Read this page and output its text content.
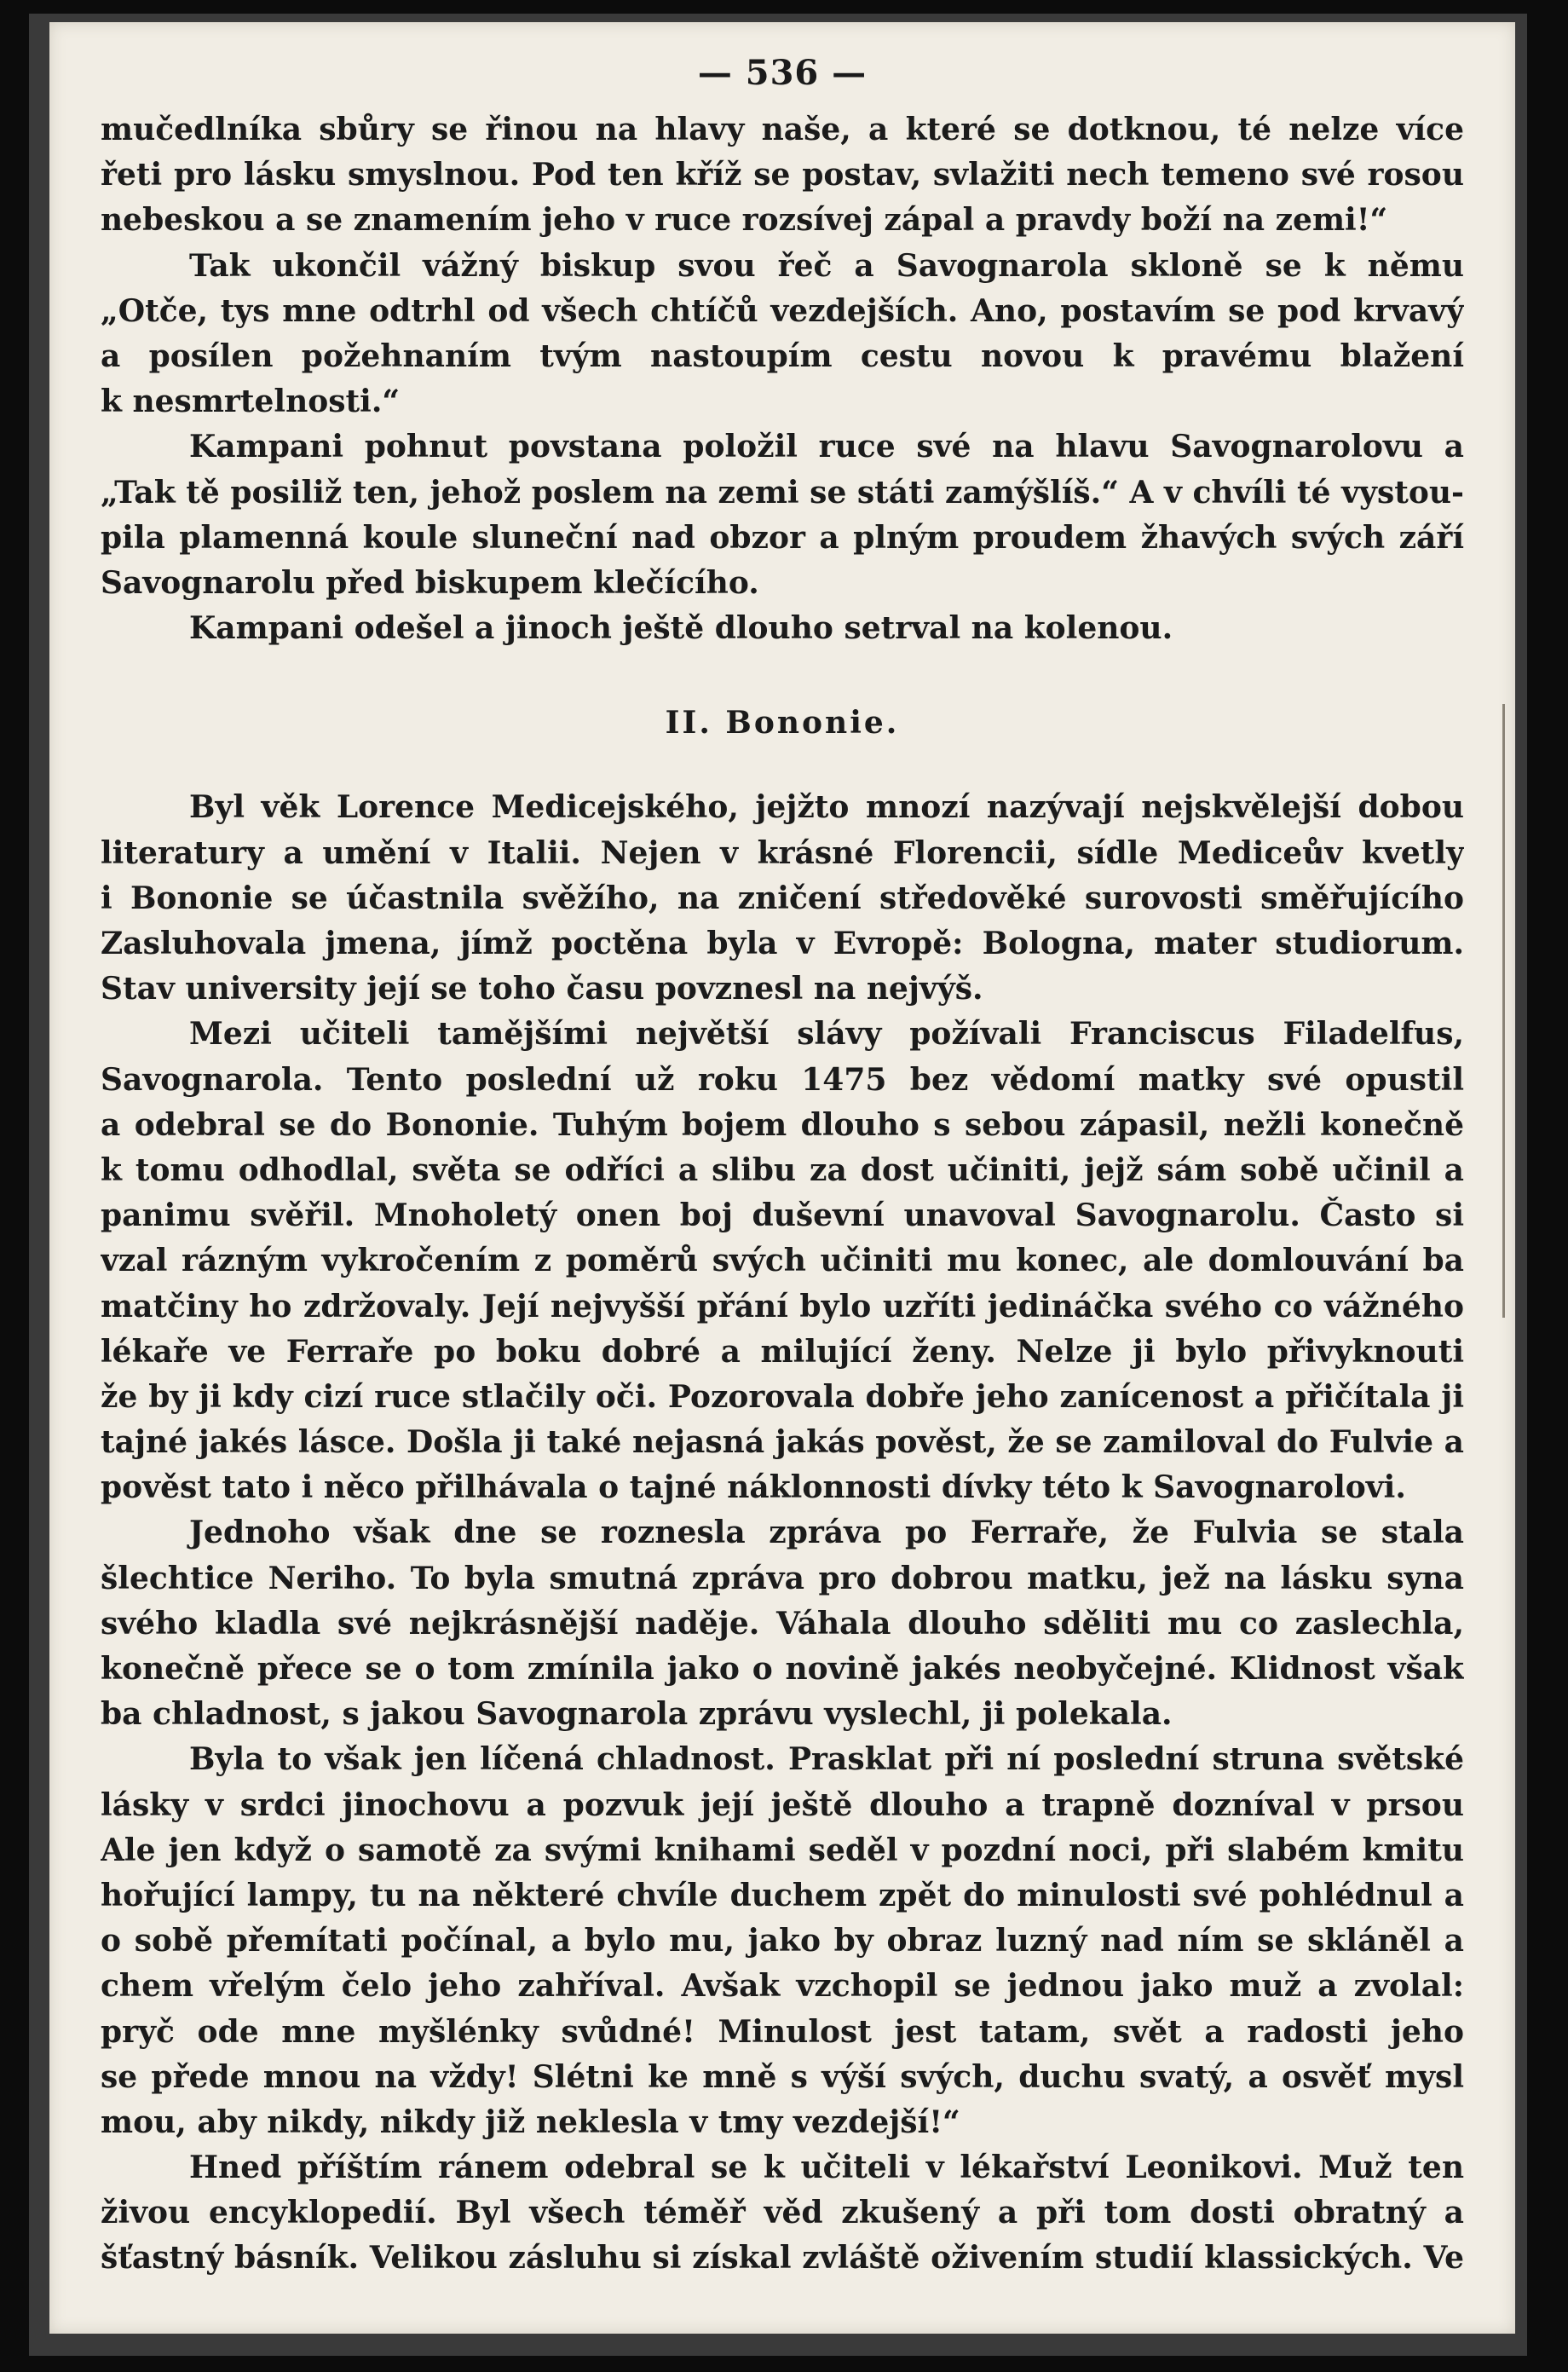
— 536 —
mučedlníka sbůry se řinou na hlavy naše, a které se dotknou, té nelze více
řeti pro lásku smyslnou. Pod ten kříž se postav, svlažiti nech temeno své rosou
nebeskou a se znamením jeho v ruce rozsívej zápal a pravdy boží na zemi!“
Tak ukončil vážný biskup svou řeč a Savognarola skloně se k němu
„Otče, tys mne odtrhl od všech chtíčů vezdejších. Ano, postavím se pod krvavý
a posílen požehnaním tvým nastoupím cestu novou k pravému blažení
k nesmrtelnosti.“
Kampani pohnut povstana položil ruce své na hlavu Savognarolovu a
„Tak tě posiliž ten, jehož poslem na zemi se státi zamýšlíš.“ A v chvíli té vystou-
pila plamenná koule sluneční nad obzor a plným proudem žhavých svých září
Savognarolu před biskupem klečícího.
Kampani odešel a jinoch ještě dlouho setrval na kolenou.
II. Bononie.
Byl věk Lorence Medicejského, jejžto mnozí nazývají nejskvělejší dobou
literatury a umění v Italii. Nejen v krásné Florencii, sídle Mediceův kvetly
i Bononie se účastnila svěžího, na zničení středověké surovosti směřujícího
Zasluhovala jmena, jímž poctěna byla v Evropě: Bologna, mater studiorum.
Stav university její se toho času povznesl na nejvýš.
Mezi učiteli tamějšími největší slávy požívali Franciscus Filadelfus,
Savognarola. Tento poslední už roku 1475 bez vědomí matky své opustil
a odebral se do Bononie. Tuhým bojem dlouho s sebou zápasil, nežli konečně
k tomu odhodlal, světa se odříci a slibu za dost učiniti, jejž sám sobě učinil a
panimu svěřil. Mnoholetý onen boj duševní unavoval Savognarolu. Často si
vzal rázným vykročením z poměrů svých učiniti mu konec, ale domlouvání ba
matčiny ho zdržovaly. Její nejvyšší přání bylo uzříti jedináčka svého co vážného
lékaře ve Ferraře po boku dobré a milující ženy. Nelze ji bylo přivyknouti
že by ji kdy cizí ruce stlačily oči. Pozorovala dobře jeho zanícenost a přičítala ji
tajné jakés lásce. Došla ji také nejasná jakás pověst, že se zamiloval do Fulvie a
pověst tato i něco přilhávala o tajné náklonnosti dívky této k Savognarolovi.
Jednoho však dne se roznesla zpráva po Ferraře, že Fulvia se stala
šlechtice Neriho. To byla smutná zpráva pro dobrou matku, jež na lásku syna
svého kladla své nejkrásnější naděje. Váhala dlouho sděliti mu co zaslechla,
konečně přece se o tom zmínila jako o novině jakés neobyčejné. Klidnost však
ba chladnost, s jakou Savognarola zprávu vyslechl, ji polekala.
Byla to však jen líčená chladnost. Prasklat při ní poslední struna světské
lásky v srdci jinochovu a pozvuk její ještě dlouho a trapně dozníval v prsou
Ale jen když o samotě za svými knihami seděl v pozdní noci, při slabém kmitu
hořující lampy, tu na některé chvíle duchem zpět do minulosti své pohlédnul a
o sobě přemítati počínal, a bylo mu, jako by obraz luzný nad ním se skláněl a
chem vřelým čelo jeho zahříval. Avšak vzchopil se jednou jako muž a zvolal:
pryč ode mne myšlénky svůdné! Minulost jest tatam, svět a radosti jeho
se přede mnou na vždy! Slétni ke mně s výší svých, duchu svatý, a osvěť mysl
mou, aby nikdy, nikdy již neklesla v tmy vezdejší!“
Hned příštím ránem odebral se k učiteli v lékařství Leonikovi. Muž ten
živou encyklopedií. Byl všech téměř věd zkušený a při tom dosti obratný a
šťastný básník. Velikou zásluhu si získal zvláště oživením studií klassických. Ve
